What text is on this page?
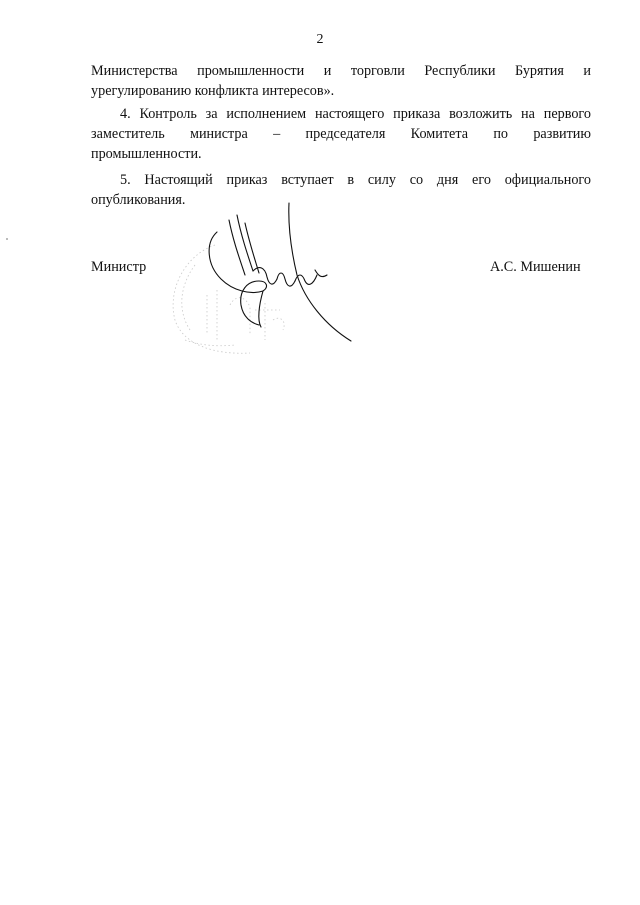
2
Министерства промышленности и торговли Республики Бурятия и
урегулированию конфликта интересов».
4. Контроль за исполнением настоящего приказа возложить на первого
заместитель министра – председателя Комитета по развитию
промышленности.
5. Настоящий приказ вступает в силу со дня его официального
опубликования.
Министр	А.С. Мишенин
